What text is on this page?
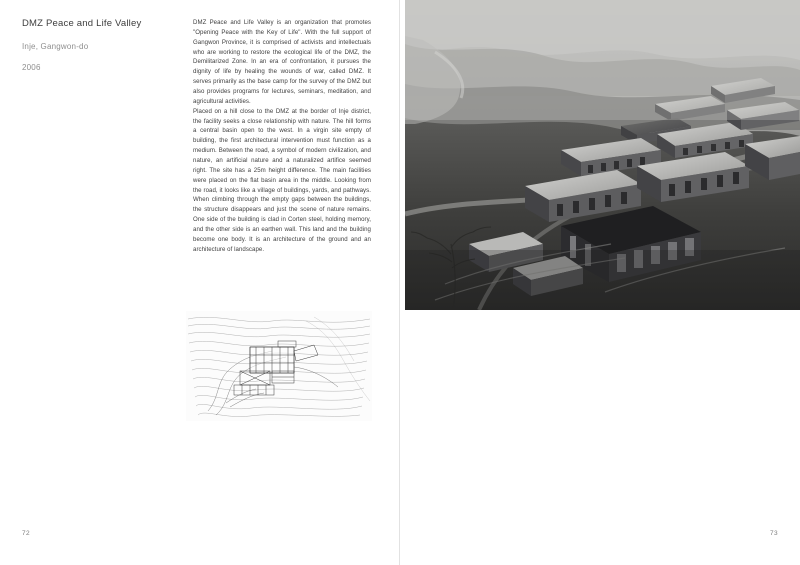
DMZ Peace and Life Valley

Inje, Gangwon-do

2006

DMZ Peace and Life Valley is an organization that promotes "Opening Peace with the Key of Life". With the full support of Gangwon Province, it is comprised of activists and intellectuals who are working to restore the ecological life of the DMZ, the Demilitarized Zone. In an era of confrontation, it pursues the dignity of life by healing the wounds of war, called DMZ. It serves primarily as the base camp for the survey of the DMZ but also provides programs for lectures, seminars, meditation, and agricultural activities.

Placed on a hill close to the DMZ at the border of Inje district, the facility seeks a close relationship with nature. The hill forms a central basin open to the west. In a virgin site empty of building, the first architectural intervention must function as a medium. Between the road, a symbol of modern civilization, and nature, an artificial nature and a naturalized artifice seemed right. The site has a 25m height difference. The main facilities were placed on the flat basin area in the middle. Looking from the road, it looks like a village of buildings, yards, and pathways. When climbing through the empty gaps between the buildings, the structure disappears and just the scene of nature remains. One side of the building is clad in Corten steel, holding memory, and the other side is an earthen wall. This land and the building become one body. It is an architecture of the ground and an architecture of landscape.

72	73
